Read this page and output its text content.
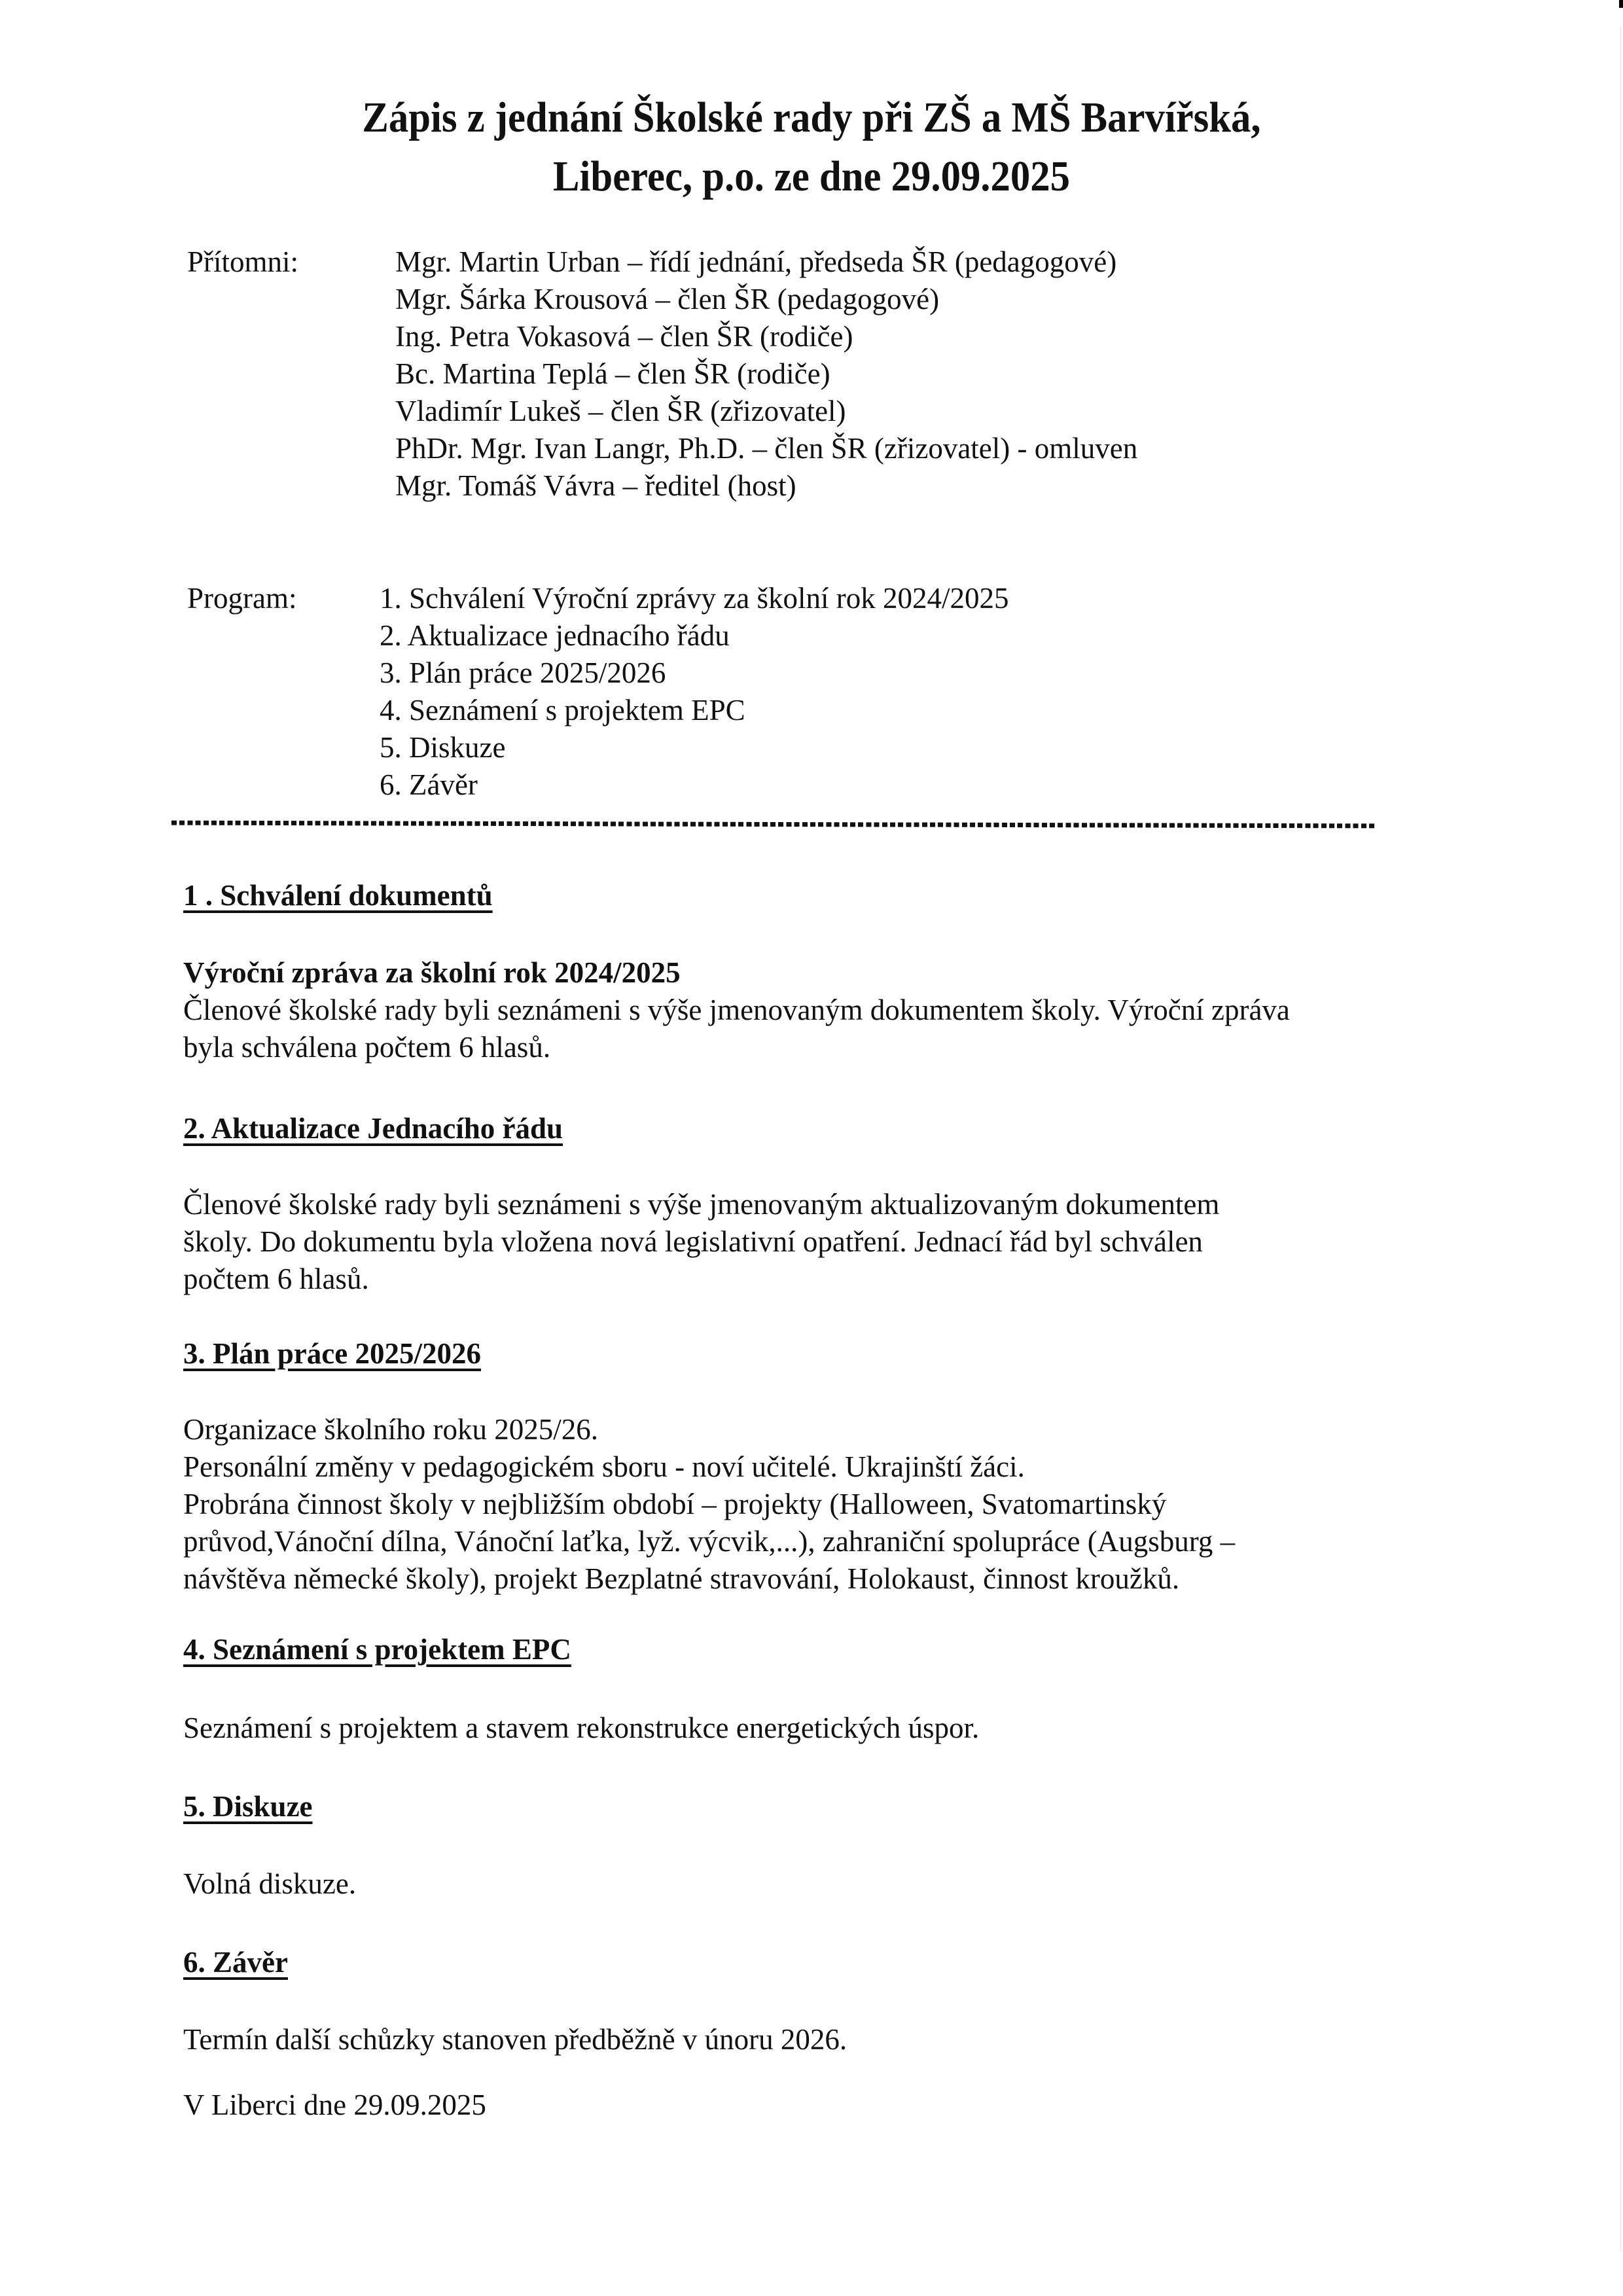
Zápis z jednání Školské rady při ZŠ a MŠ Barvířská,
Liberec, p.o. ze dne 29.09.2025
Přítomni:	Mgr. Martin Urban – řídí jednání, předseda ŠR (pedagogové)
Mgr. Šárka Krousová – člen ŠR (pedagogové)
Ing. Petra Vokasová – člen ŠR (rodiče)
Bc. Martina Teplá – člen ŠR (rodiče)
Vladimír Lukeš – člen ŠR (zřizovatel)
PhDr. Mgr. Ivan Langr, Ph.D. – člen ŠR (zřizovatel) - omluven
Mgr. Tomáš Vávra – ředitel (host)
Program:	1. Schválení Výroční zprávy za školní rok 2024/2025
2. Aktualizace jednacího řádu
3. Plán práce 2025/2026
4. Seznámení s projektem EPC
5. Diskuze
6. Závěr
1 . Schválení dokumentů
Výroční zpráva za školní rok 2024/2025
Členové školské rady byli seznámeni s výše jmenovaným dokumentem školy. Výroční zpráva
byla schválena počtem 6 hlasů.
2. Aktualizace Jednacího řádu
Členové školské rady byli seznámeni s výše jmenovaným aktualizovaným dokumentem
školy. Do dokumentu byla vložena nová legislativní opatření. Jednací řád byl schválen
počtem 6 hlasů.
3. Plán práce 2025/2026
Organizace školního roku 2025/26.
Personální změny v pedagogickém sboru - noví učitelé. Ukrajinští žáci.
Probrána činnost školy v nejbližším období – projekty (Halloween, Svatomartinský
průvod,Vánoční dílna, Vánoční laťka, lyž. výcvik,...), zahraniční spolupráce (Augsburg –
návštěva německé školy), projekt Bezplatné stravování, Holokaust, činnost kroužků.
4. Seznámení s projektem EPC
Seznámení s projektem a stavem rekonstrukce energetických úspor.
5. Diskuze
Volná diskuze.
6. Závěr
Termín další schůzky stanoven předběžně v únoru 2026.
V Liberci dne 29.09.2025
